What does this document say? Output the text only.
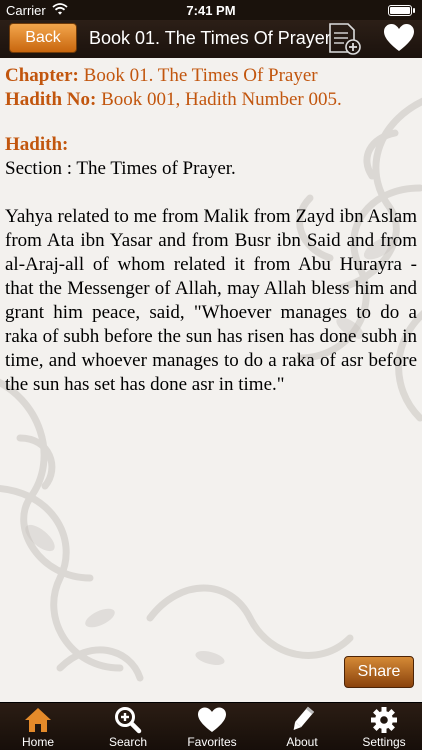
Carrier	7:41 PM
Back	Book 01. The Times Of Prayer

Chapter: Book 01. The Times Of Prayer

Hadith No: Book 001, Hadith Number 005.

Hadith:

Section : The Times of Prayer.

Yahya related to me from Malik from Zayd ibn Aslam from Ata ibn Yasar and from Busr ibn Said and from al-Araj-all of whom related it from Abu Hurayra - that the Messenger of Allah, may Allah bless him and grant him peace, said, "Whoever manages to do a raka of subh before the sun has risen has done subh in time, and whoever manages to do a raka of asr before the sun has set has done asr in time."

Share
Home	Search	Favorites	About	Settings
